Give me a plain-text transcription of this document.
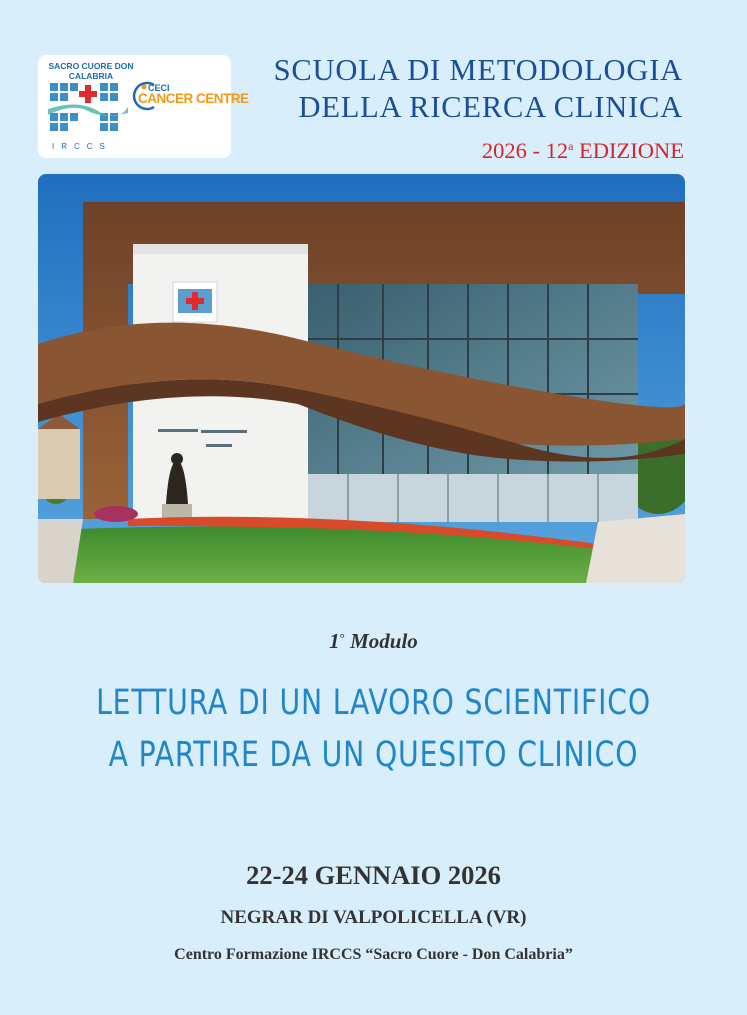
SACRO CUORE DON CALABRIA
IRCCS
CECI
CANCER CENTRE
SCUOLA DI METODOLOGIA
DELLA RICERCA CLINICA
2026 - 12$^a$ EDIZIONE
1° Modulo
LETTURA DI UN LAVORO SCIENTIFICO
A PARTIRE DA UN QUESITO CLINICO
22-24 GENNAIO 2026
NEGRAR DI VALPOLICELLA (VR)
Centro Formazione IRCCS “Sacro Cuore - Don Calabria”
